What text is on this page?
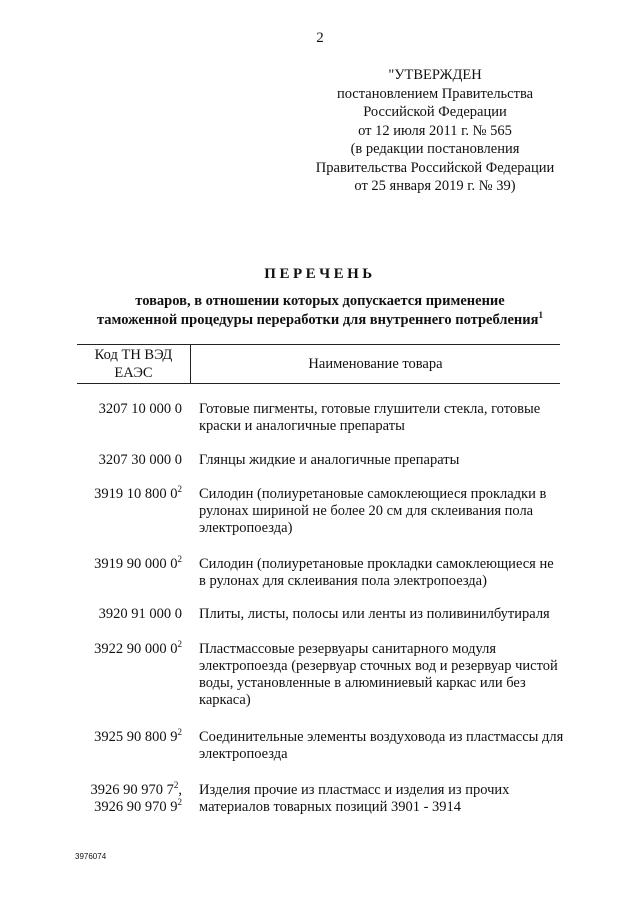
2
"УТВЕРЖДЕН
постановлением Правительства
Российской Федерации
от 12 июля 2011 г. № 565
(в редакции постановления
Правительства Российской Федерации
от 25 января 2019 г. № 39)
ПЕРЕЧЕНЬ
товаров, в отношении которых допускается применение
таможенной процедуры переработки для внутреннего потребления$^1$
Код ТН ВЭД ЕАЭС
Наименование товара
3207 10 000 0 Готовые пигменты, готовые глушители стекла, готовые краски и аналогичные препараты
3207 30 000 0 Глянцы жидкие и аналогичные препараты
3919 10 800 $0^2$ Силодин (полиуретановые самоклеющиеся прокладки в рулонах шириной не более 20 см для склеивания пола электропоезда)
3919 90 000 $0^2$ Силодин (полиуретановые прокладки самоклеющиеся не в рулонах для склеивания пола электропоезда)
3920 91 000 0 Плиты, листы, полосы или ленты из поливинилбутираля
3922 90 000 $0^2$ Пластмассовые резервуары санитарного модуля электропоезда (резервуар сточных вод и резервуар чистой воды, установленные в алюминиевый каркас или без каркаса)
3925 90 800 $9^2$ Соединительные элементы воздуховода из пластмассы для электропоезда
3926 90 970 $7^2$,
3926 90 970 $9^2$
Изделия прочие из пластмасс и изделия из прочих материалов товарных позиций 3901 - 3914
3976074
